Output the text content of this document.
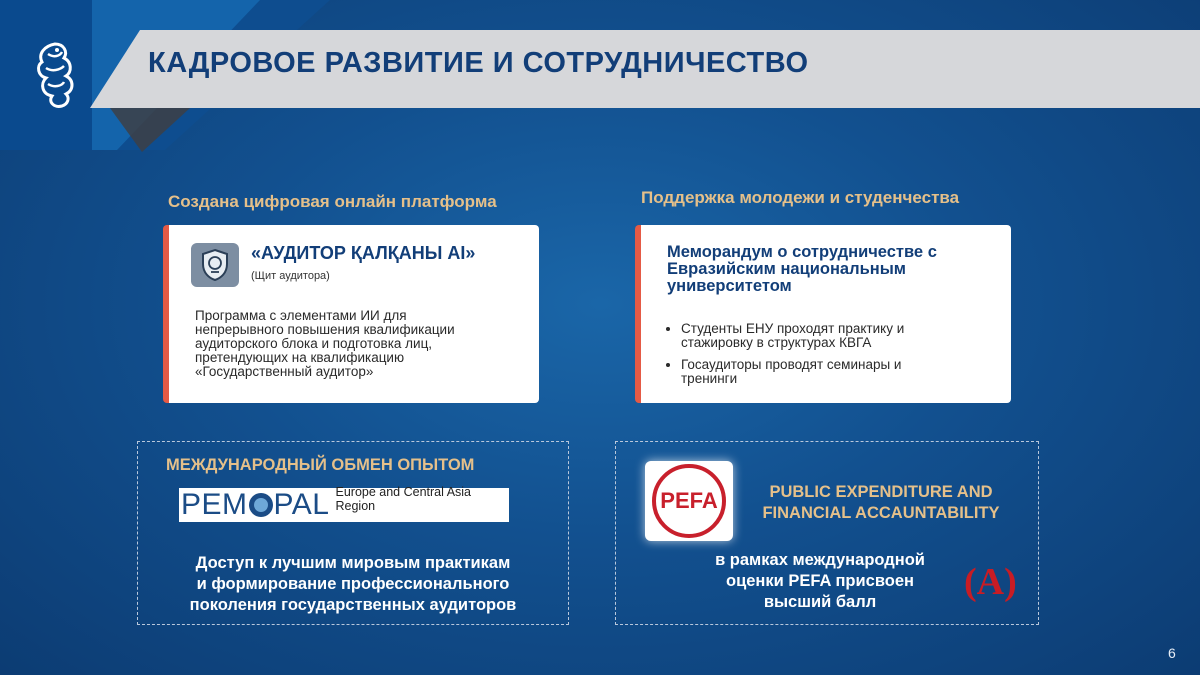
КАДРОВОЕ РАЗВИТИЕ И СОТРУДНИЧЕСТВО
Создана цифровая онлайн платформа
«АУДИТОР ҚАЛҚАНЫ AI»
(Щит аудитора)
Программа с элементами ИИ для
непрерывного повышения квалификации
аудиторского блока и подготовка лиц,
претендующих на квалификацию
«Государственный аудитор»
Поддержка молодежи и студенчества
Меморандум о сотрудничестве с
Евразийским национальным
университетом
• Студенты ЕНУ проходят практику и
стажировку в структурах КВГА
• Госаудиторы проводят семинары и
тренинги
МЕЖДУНАРОДНЫЙ ОБМЕН ОПЫТОМ
PEM PAL Europe and Central Asia Region
Доступ к лучшим мировым практикам
и формирование профессионального
поколения государственных аудиторов
PEFA	PUBLIC EXPENDITURE AND
FINANCIAL ACCAUNTABILITY
в рамках международной
оценки PEFA присвоен
высший балл	(A)
6
